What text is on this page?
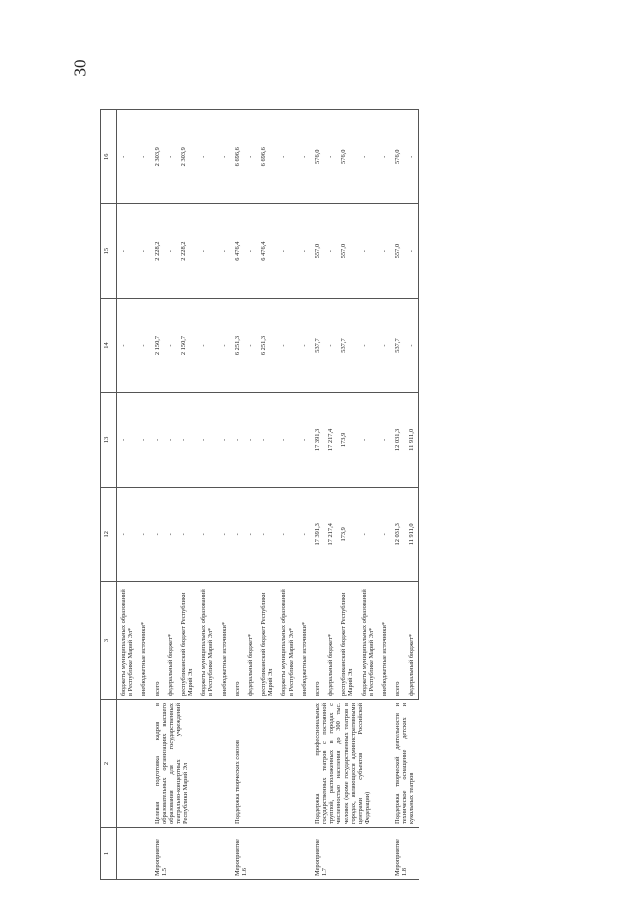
30
1	2	3	12	13	14	15	16
		бюджеты муниципальных образований в Республике Марий Эл*	-	-	-	-	-
		внебюджетные источники*	-	-	-	-	-
Мероприятие 1.5	Целевая подготовка кадров в образовательных организациях высшего образования для государственных театрально-концертных учреждений Республики Марий Эл	всего	-	-	2 150,7	2 228,2	2 303,9
		федеральный бюджет*	-	-	-	-	-
		республиканский бюджет Республики Марий Эл	-	-	2 150,7	2 228,2	2 303,9
		бюджеты муниципальных образований в Республике Марий Эл*	-	-	-	-	-
		внебюджетные источники*	-	-	-	-	-
Мероприятие 1.6	Поддержка творческих союзов	всего	-	-	6 251,3	6 476,4	6 696,6
		федеральный бюджет*	-	-	-	-	-
		республиканский бюджет Республики Марий Эл	-	-	6 251,3	6 476,4	6 696,6
		бюджеты муниципальных образований в Республике Марий Эл*	-	-	-	-	-
		внебюджетные источники*	-	-	-	-	-
Мероприятие 1.7	Поддержка профессиональных государственных театров с постоянной труппой, расположенных в городах с численностью населения до 300 тыс. человек (кроме государственных театров в городах, являющихся административными центрами субъектов Российской Федерации)	всего	17 391,3	17 391,3	537,7	557,0	576,0
		федеральный бюджет*	17 217,4	17 217,4	-	-	-
		республиканский бюджет Республики Марий Эл	173,9	173,9	537,7	557,0	576,0
		бюджеты муниципальных образований в Республике Марий Эл*	-	-	-	-	-
		внебюджетные источники*	-	-	-	-	-
Мероприятие 1.8	Поддержка творческой деятельности и техническое оснащение детских и кукольных театров	всего	12 031,3	12 031,3	537,7	557,0	576,0
		федеральный бюджет*	11 911,0	11 911,0	-	-	-
